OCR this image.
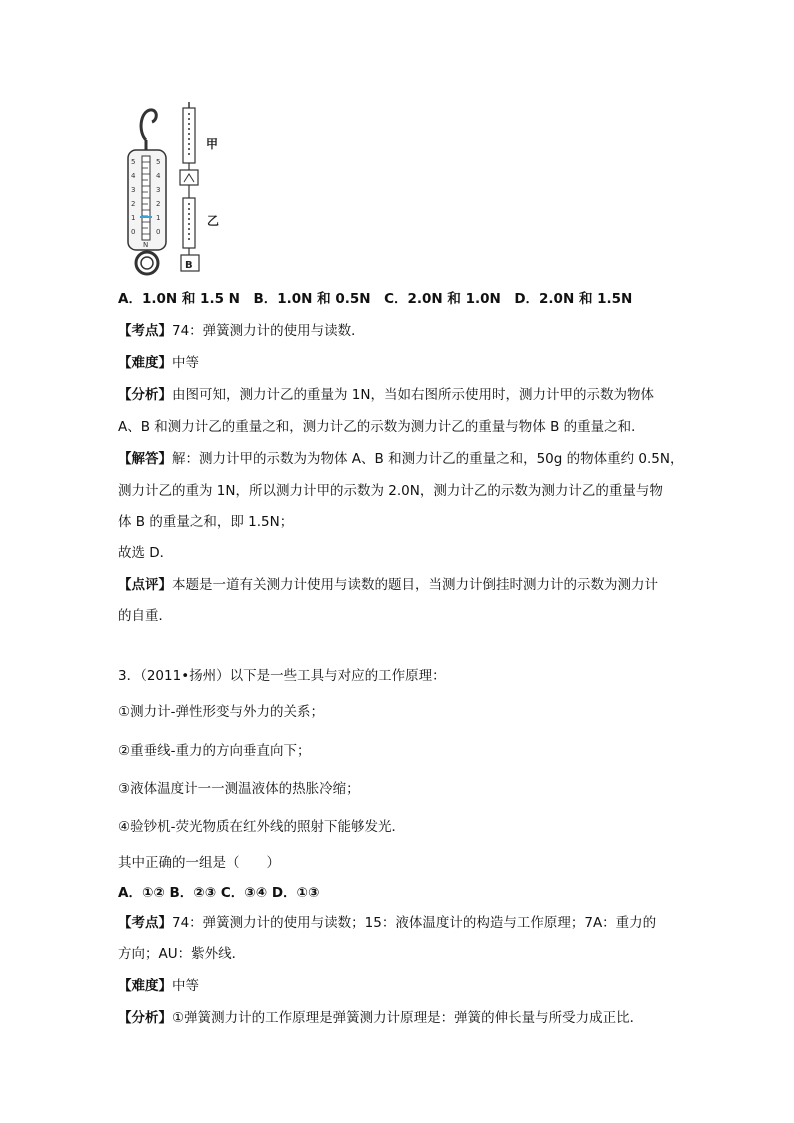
5
4
3
2
1
0
5
4
3
2
1
0
N
B
甲
乙
A．1.0N 和 1.5 N　B．1.0N 和 0.5N　C．2.0N 和 1.0N　D．2.0N 和 1.5N
【考点】74：弹簧测力计的使用与读数．
【难度】中等
【分析】由图可知，测力计乙的重量为 1N，当如右图所示使用时，测力计甲的示数为物体
A、B 和测力计乙的重量之和，测力计乙的示数为测力计乙的重量与物体 B 的重量之和．
【解答】解：测力计甲的示数为为物体 A、B 和测力计乙的重量之和，50g 的物体重约 0.5N，
测力计乙的重为 1N，所以测力计甲的示数为 2.0N，测力计乙的示数为测力计乙的重量与物
体 B 的重量之和，即 1.5N；
故选 D．
【点评】本题是一道有关测力计使用与读数的题目，当测力计倒挂时测力计的示数为测力计
的自重．
3．（2011•扬州）以下是一些工具与对应的工作原理：
①测力计-弹性形变与外力的关系；
②重垂线-重力的方向垂直向下；
③液体温度计一一测温液体的热胀冷缩；
④验钞机-荧光物质在红外线的照射下能够发光．
其中正确的一组是（　　）
A．①② B．②③ C．③④ D．①③
【考点】74：弹簧测力计的使用与读数；15：液体温度计的构造与工作原理；7A：重力的
方向；AU：紫外线．
【难度】中等
【分析】①弹簧测力计的工作原理是弹簧测力计原理是：弹簧的伸长量与所受力成正比．
